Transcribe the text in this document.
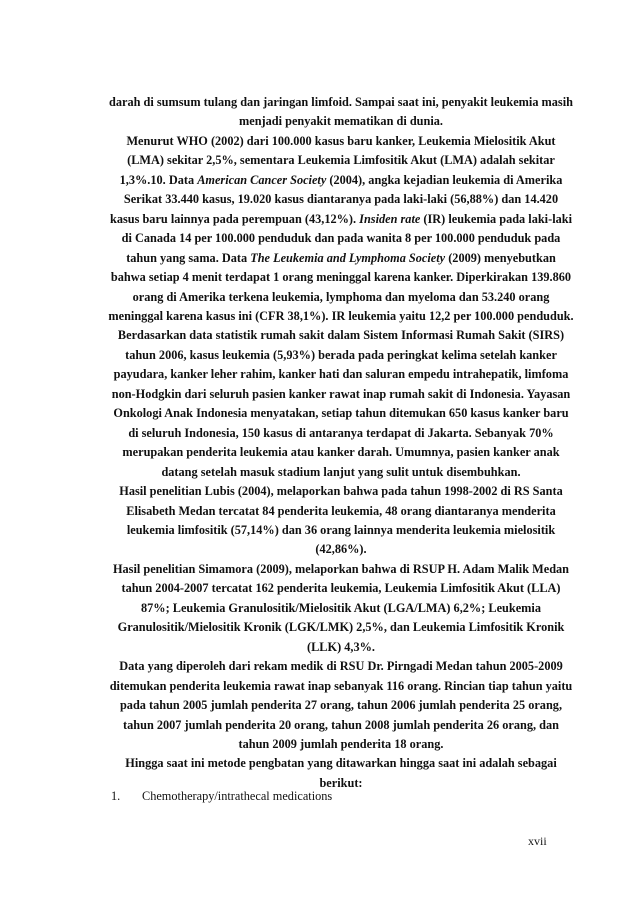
darah di sumsum tulang dan jaringan limfoid. Sampai saat ini, penyakit leukemia masih menjadi penyakit mematikan di dunia.

Menurut WHO (2002) dari 100.000 kasus baru kanker, Leukemia Mielositik Akut (LMA) sekitar 2,5%, sementara Leukemia Limfositik Akut (LMA) adalah sekitar 1,3%.10. Data American Cancer Society (2004), angka kejadian leukemia di Amerika Serikat 33.440 kasus, 19.020 kasus diantaranya pada laki-laki (56,88%) dan 14.420 kasus baru lainnya pada perempuan (43,12%). Insiden rate (IR) leukemia pada laki-laki di Canada 14 per 100.000 penduduk dan pada wanita 8 per 100.000 penduduk pada tahun yang sama. Data The Leukemia and Lymphoma Society (2009) menyebutkan bahwa setiap 4 menit terdapat 1 orang meninggal karena kanker. Diperkirakan 139.860 orang di Amerika terkena leukemia, lymphoma dan myeloma dan 53.240 orang meninggal karena kasus ini (CFR 38,1%). IR leukemia yaitu 12,2 per 100.000 penduduk.

Berdasarkan data statistik rumah sakit dalam Sistem Informasi Rumah Sakit (SIRS) tahun 2006, kasus leukemia (5,93%) berada pada peringkat kelima setelah kanker payudara, kanker leher rahim, kanker hati dan saluran empedu intrahepatik, limfoma non-Hodgkin dari seluruh pasien kanker rawat inap rumah sakit di Indonesia. Yayasan Onkologi Anak Indonesia menyatakan, setiap tahun ditemukan 650 kasus kanker baru di seluruh Indonesia, 150 kasus di antaranya terdapat di Jakarta. Sebanyak 70% merupakan penderita leukemia atau kanker darah. Umumnya, pasien kanker anak datang setelah masuk stadium lanjut yang sulit untuk disembuhkan.

Hasil penelitian Lubis (2004), melaporkan bahwa pada tahun 1998-2002 di RS Santa Elisabeth Medan tercatat 84 penderita leukemia, 48 orang diantaranya menderita leukemia limfositik (57,14%) dan 36 orang lainnya menderita leukemia mielositik (42,86%).

Hasil penelitian Simamora (2009), melaporkan bahwa di RSUP H. Adam Malik Medan tahun 2004-2007 tercatat 162 penderita leukemia, Leukemia Limfositik Akut (LLA) 87%; Leukemia Granulositik/Mielositik Akut (LGA/LMA) 6,2%; Leukemia Granulositik/Mielositik Kronik (LGK/LMK) 2,5%, dan Leukemia Limfositik Kronik (LLK) 4,3%.

Data yang diperoleh dari rekam medik di RSU Dr. Pirngadi Medan tahun 2005-2009 ditemukan penderita leukemia rawat inap sebanyak 116 orang. Rincian tiap tahun yaitu pada tahun 2005 jumlah penderita 27 orang, tahun 2006 jumlah penderita 25 orang, tahun 2007 jumlah penderita 20 orang, tahun 2008 jumlah penderita 26 orang, dan tahun 2009 jumlah penderita 18 orang.

Hingga saat ini metode pengbatan yang ditawarkan hingga saat ini adalah sebagai berikut:

1.	Chemotherapy/intrathecal medications
xvii
